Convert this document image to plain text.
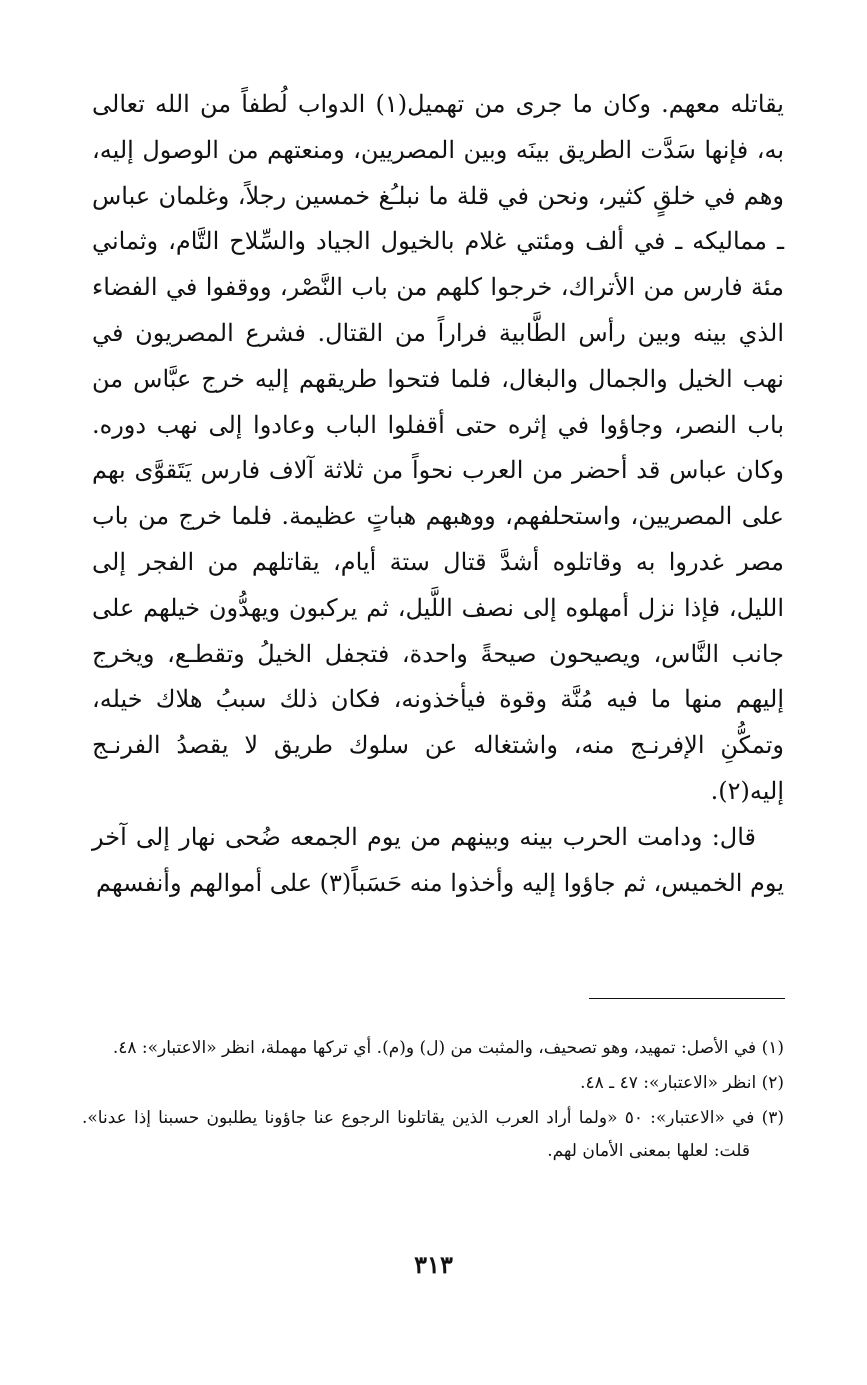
يقاتله معهم. وكان ما جرى من تهميل(١) الدواب لُطفاً من الله تعالى به، فإنها سَدَّت الطريق بينَه وبين المصريين، ومنعتهم من الوصول إليه، وهم في خلقٍ كثير، ونحن في قلة ما نبلـُغ خمسين رجلاً، وغلمان عباس ـ مماليكه ـ في ألف ومئتي غلام بالخيول الجياد والسِّلاح التَّام، وثماني مئة فارس من الأتراك، خرجوا كلهم من باب النَّصْر، ووقفوا في الفضاء الذي بينه وبين رأس الطَّابية فراراً من القتال. فشرع المصريون في نهب الخيل والجمال والبغال، فلما فتحوا طريقهم إليه خرج عبَّاس من باب النصر، وجاؤوا في إثره حتى أقفلوا الباب وعادوا إلى نهب دوره. وكان عباس قد أحضر من العرب نحواً من ثلاثة آلاف فارس يَتَقوَّى بهم على المصريين، واستحلفهم، ووهبهم هباتٍ عظيمة. فلما خرج من باب مصر غدروا به وقاتلوه أشدَّ قتال ستة أيام، يقاتلهم من الفجر إلى الليل، فإذا نزل أمهلوه إلى نصف اللَّيل، ثم يركبون ويهدُّون خيلهم على جانب النَّاس، ويصيحون صيحةً واحدة، فتجفل الخيلُ وتقطـع، ويخرج إليهم منها ما فيه مُنَّة وقوة فيأخذونه، فكان ذلك سببُ هلاك خيله، وتمكُّنِ الإفرنـج منه، واشتغاله عن سلوك طريق لا يقصدُ الفرنـج إليه(٢).

قال: ودامت الحرب بينه وبينهم من يوم الجمعه ضُحى نهار إلى آخر يوم الخميس، ثم جاؤوا إليه وأخذوا منه حَسَباً(٣) على أموالهم وأنفسهم

(١) في الأصل: تمهيد، وهو تصحيف، والمثبت من (ل) و(م). أي تركها مهملة، انظر «الاعتبار»: ٤٨.

(٢) انظر «الاعتبار»: ٤٧ ـ ٤٨.

(٣) في «الاعتبار»: ٥٠ «ولما أراد العرب الذين يقاتلونا الرجوع عنا جاؤونا يطلبون حسبنا إذا عدنا». قلت: لعلها بمعنى الأمان لهم.

٣١٣
